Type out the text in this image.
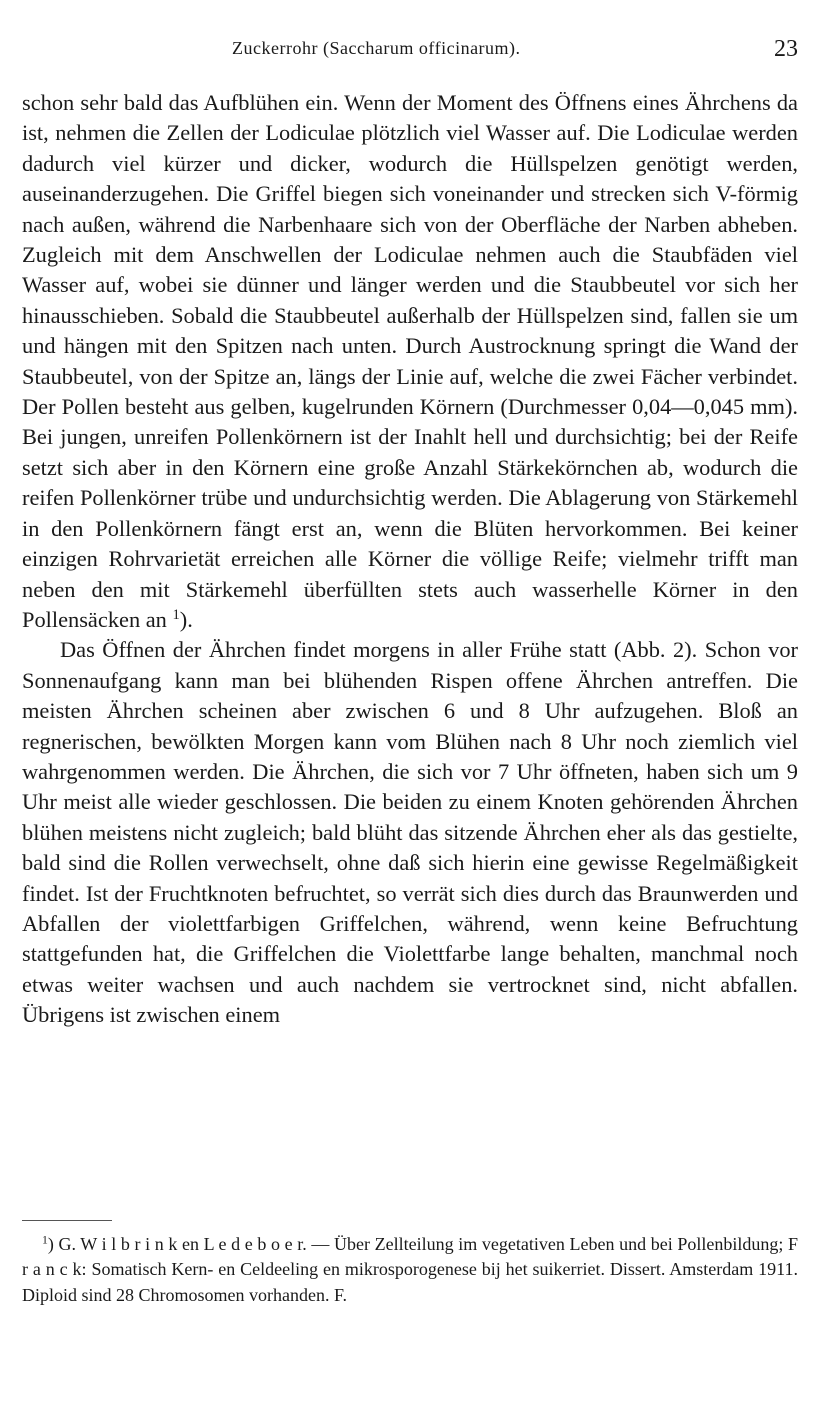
Zuckerrohr (Saccharum officinarum).	23

schon sehr bald das Aufblühen ein. Wenn der Moment des Öffnens eines Ährchens da ist, nehmen die Zellen der Lodiculae plötzlich viel Wasser auf. Die Lodiculae werden dadurch viel kürzer und dicker, wodurch die Hüllspelzen genötigt werden, auseinanderzugehen. Die Griffel biegen sich voneinander und strecken sich V-förmig nach außen, während die Narbenhaare sich von der Oberfläche der Narben abheben. Zugleich mit dem Anschwellen der Lodiculae nehmen auch die Staubfäden viel Wasser auf, wobei sie dünner und länger werden und die Staubbeutel vor sich her hinausschieben. Sobald die Staubbeutel außerhalb der Hüllspelzen sind, fallen sie um und hängen mit den Spitzen nach unten. Durch Austrocknung springt die Wand der Staubbeutel, von der Spitze an, längs der Linie auf, welche die zwei Fächer verbindet. Der Pollen besteht aus gelben, kugelrunden Körnern (Durchmesser 0,04—0,045 mm). Bei jungen, unreifen Pollenkörnern ist der Inahlt hell und durchsichtig; bei der Reife setzt sich aber in den Körnern eine große Anzahl Stärkekörnchen ab, wodurch die reifen Pollenkörner trübe und undurchsichtig werden. Die Ablagerung von Stärkemehl in den Pollenkörnern fängt erst an, wenn die Blüten hervorkommen. Bei keiner einzigen Rohrvarietät erreichen alle Körner die völlige Reife; vielmehr trifft man neben den mit Stärkemehl überfüllten stets auch wasserhelle Körner in den Pollensäcken an $^1$).

Das Öffnen der Ährchen findet morgens in aller Frühe statt (Abb. 2). Schon vor Sonnenaufgang kann man bei blühenden Rispen offene Ährchen antreffen. Die meisten Ährchen scheinen aber zwischen 6 und 8 Uhr aufzugehen. Bloß an regnerischen, bewölkten Morgen kann vom Blühen nach 8 Uhr noch ziemlich viel wahrgenommen werden. Die Ährchen, die sich vor 7 Uhr öffneten, haben sich um 9 Uhr meist alle wieder geschlossen. Die beiden zu einem Knoten gehörenden Ährchen blühen meistens nicht zugleich; bald blüht das sitzende Ährchen eher als das gestielte, bald sind die Rollen verwechselt, ohne daß sich hierin eine gewisse Regelmäßigkeit findet. Ist der Fruchtknoten befruchtet, so verrät sich dies durch das Braunwerden und Abfallen der violettfarbigen Griffelchen, während, wenn keine Befruchtung stattgefunden hat, die Griffelchen die Violettfarbe lange behalten, manchmal noch etwas weiter wachsen und auch nachdem sie vertrocknet sind, nicht abfallen. Übrigens ist zwischen einem

$^1$) G. W i l b r i n k en L e d e b o e r. — Über Zellteilung im vegetativen Leben und bei Pollenbildung; F r a n c k: Somatisch Kern- en Celdeeling en mikrosporogenese bij het suikerriet. Dissert. Amsterdam 1911. Diploid sind 28 Chromosomen vorhanden. F.
